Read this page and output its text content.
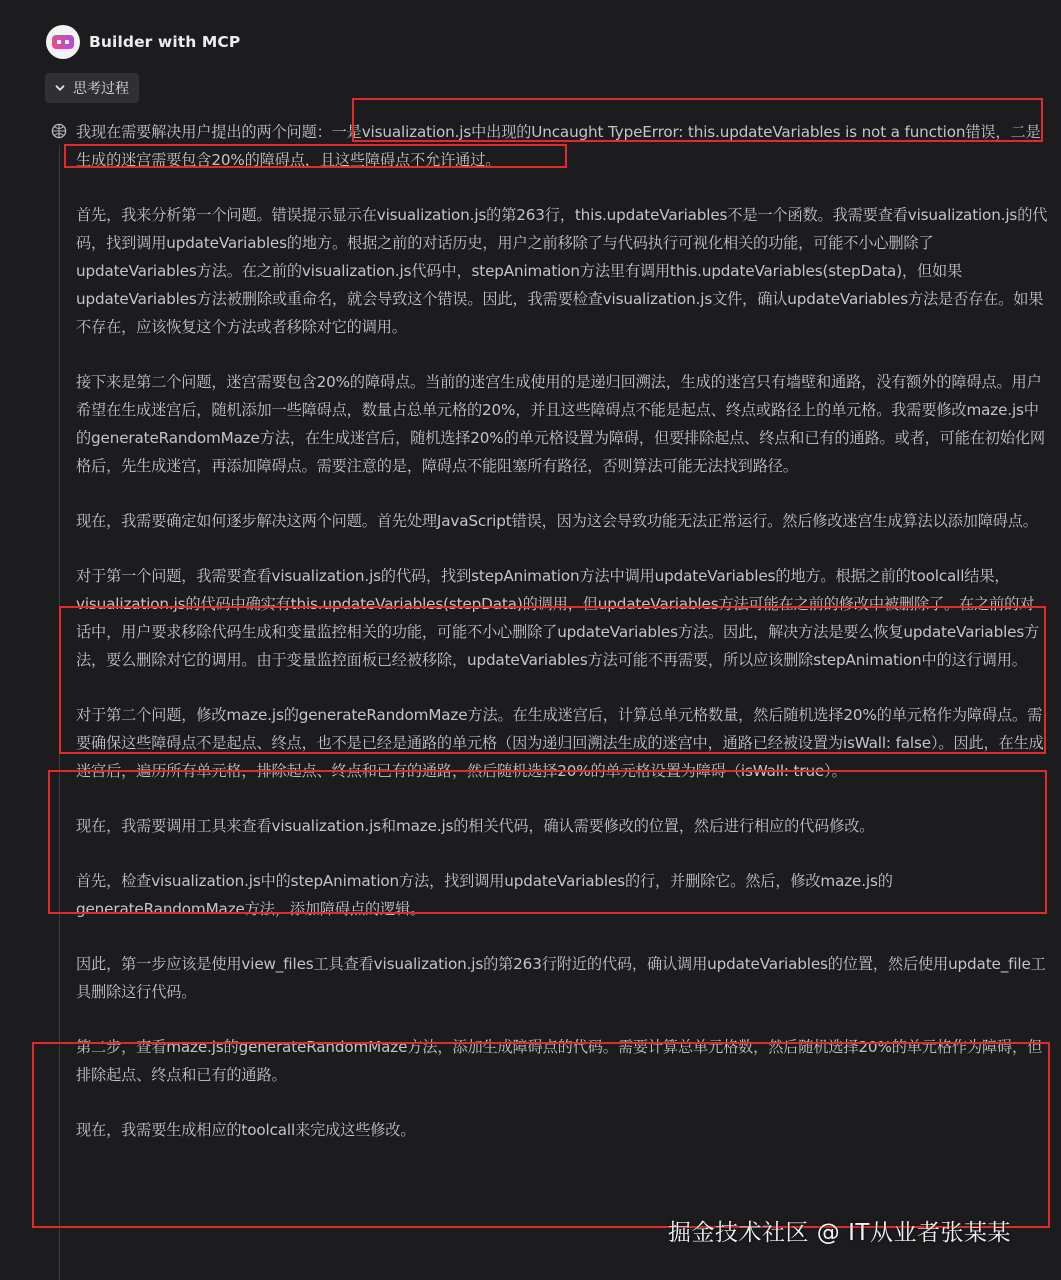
Builder with MCP
思考过程

我现在需要解决用户提出的两个问题：一是visualization.js中出现的Uncaught TypeError: this.updateVariables is not a function错误，二是生成的迷宫需要包含20%的障碍点，且这些障碍点不允许通过。

首先，我来分析第一个问题。错误提示显示在visualization.js的第263行，this.updateVariables不是一个函数。我需要查看visualization.js的代码，找到调用updateVariables的地方。根据之前的对话历史，用户之前移除了与代码执行可视化相关的功能，可能不小心删除了updateVariables方法。在之前的visualization.js代码中，stepAnimation方法里有调用this.updateVariables(stepData)，但如果updateVariables方法被删除或重命名，就会导致这个错误。因此，我需要检查visualization.js文件，确认updateVariables方法是否存在。如果不存在，应该恢复这个方法或者移除对它的调用。

接下来是第二个问题，迷宫需要包含20%的障碍点。当前的迷宫生成使用的是递归回溯法，生成的迷宫只有墙壁和通路，没有额外的障碍点。用户希望在生成迷宫后，随机添加一些障碍点，数量占总单元格的20%，并且这些障碍点不能是起点、终点或路径上的单元格。我需要修改maze.js中的generateRandomMaze方法，在生成迷宫后，随机选择20%的单元格设置为障碍，但要排除起点、终点和已有的通路。或者，可能在初始化网格后，先生成迷宫，再添加障碍点。需要注意的是，障碍点不能阻塞所有路径，否则算法可能无法找到路径。

现在，我需要确定如何逐步解决这两个问题。首先处理JavaScript错误，因为这会导致功能无法正常运行。然后修改迷宫生成算法以添加障碍点。

对于第一个问题，我需要查看visualization.js的代码，找到stepAnimation方法中调用updateVariables的地方。根据之前的toolcall结果，visualization.js的代码中确实有this.updateVariables(stepData)的调用，但updateVariables方法可能在之前的修改中被删除了。在之前的对话中，用户要求移除代码生成和变量监控相关的功能，可能不小心删除了updateVariables方法。因此，解决方法是要么恢复updateVariables方法，要么删除对它的调用。由于变量监控面板已经被移除，updateVariables方法可能不再需要，所以应该删除stepAnimation中的这行调用。

对于第二个问题，修改maze.js的generateRandomMaze方法。在生成迷宫后，计算总单元格数量，然后随机选择20%的单元格作为障碍点。需要确保这些障碍点不是起点、终点，也不是已经是通路的单元格（因为递归回溯法生成的迷宫中，通路已经被设置为isWall: false）。因此，在生成迷宫后，遍历所有单元格，排除起点、终点和已有的通路，然后随机选择20%的单元格设置为障碍（isWall: true）。

现在，我需要调用工具来查看visualization.js和maze.js的相关代码，确认需要修改的位置，然后进行相应的代码修改。

首先，检查visualization.js中的stepAnimation方法，找到调用updateVariables的行，并删除它。然后，修改maze.js的generateRandomMaze方法，添加障碍点的逻辑。

因此，第一步应该是使用view_files工具查看visualization.js的第263行附近的代码，确认调用updateVariables的位置，然后使用update_file工具删除这行代码。

第二步，查看maze.js的generateRandomMaze方法，添加生成障碍点的代码。需要计算总单元格数，然后随机选择20%的单元格作为障碍，但排除起点、终点和已有的通路。

现在，我需要生成相应的toolcall来完成这些修改。

掘金技术社区 @ IT从业者张某某
